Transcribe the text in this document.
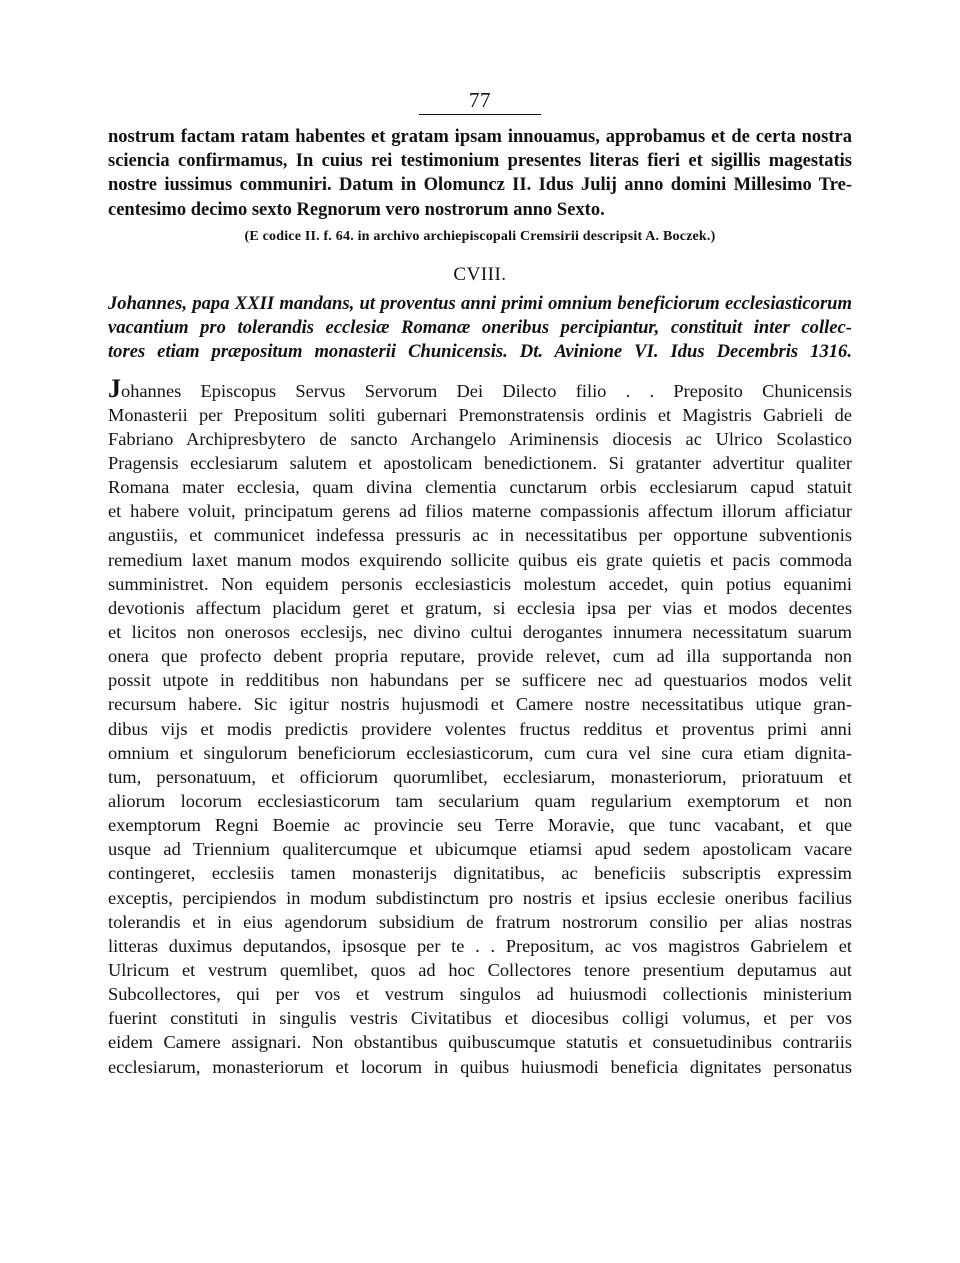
77
nostrum factam ratam habentes et gratam ipsam innouamus, approbamus et de certa nostra
sciencia confirmamus, In cuius rei testimonium presentes literas fieri et sigillis magestatis
nostre iussimus communiri. Datum in Olomuncz II. Idus Julij anno domini Millesimo Tre-
centesimo decimo sexto Regnorum vero nostrorum anno Sexto.
(E codice II. f. 64. in archivo archiepiscopali Cremsirii descripsit A. Boczek.)
CVIII.
Johannes, papa XXII mandans, ut proventus anni primi omnium beneficiorum ecclesiasticorum
vacantium pro tolerandis ecclesiæ Romanæ oneribus percipiantur, constituit inter collec-
tores etiam præpositum monasterii Chunicensis. Dt. Avinione VI. Idus Decembris 1316.
Johannes Episcopus Servus Servorum Dei Dilecto filio . . Preposito Chunicensis
Monasterii per Prepositum soliti gubernari Premonstratensis ordinis et Magistris Gabrieli de
Fabriano Archipresbytero de sancto Archangelo Ariminensis diocesis ac Ulrico Scolastico
Pragensis ecclesiarum salutem et apostolicam benedictionem. Si gratanter advertitur qualiter
Romana mater ecclesia, quam divina clementia cunctarum orbis ecclesiarum capud statuit
et habere voluit, principatum gerens ad filios materne compassionis affectum illorum afficiatur
angustiis, et communicet indefessa pressuris ac in necessitatibus per opportune subventionis
remedium laxet manum modos exquirendo sollicite quibus eis grate quietis et pacis commoda
sumministret. Non equidem personis ecclesiasticis molestum accedet, quin potius equanimi
devotionis affectum placidum geret et gratum, si ecclesia ipsa per vias et modos decentes
et licitos non onerosos ecclesijs, nec divino cultui derogantes innumera necessitatum suarum
onera que profecto debent propria reputare, provide relevet, cum ad illa supportanda non
possit utpote in redditibus non habundans per se sufficere nec ad questuarios modos velit
recursum habere. Sic igitur nostris hujusmodi et Camere nostre necessitatibus utique gran-
dibus vijs et modis predictis providere volentes fructus redditus et proventus primi anni
omnium et singulorum beneficiorum ecclesiasticorum, cum cura vel sine cura etiam dignita-
tum, personatuum, et officiorum quorumlibet, ecclesiarum, monasteriorum, prioratuum et
aliorum locorum ecclesiasticorum tam secularium quam regularium exemptorum et non
exemptorum Regni Boemie ac provincie seu Terre Moravie, que tunc vacabant, et que
usque ad Triennium qualitercumque et ubicumque etiamsi apud sedem apostolicam vacare
contingeret, ecclesiis tamen monasterijs dignitatibus, ac beneficiis subscriptis expressim
exceptis, percipiendos in modum subdistinctum pro nostris et ipsius ecclesie oneribus facilius
tolerandis et in eius agendorum subsidium de fratrum nostrorum consilio per alias nostras
litteras duximus deputandos, ipsosque per te . . Prepositum, ac vos magistros Gabrielem et
Ulricum et vestrum quemlibet, quos ad hoc Collectores tenore presentium deputamus aut
Subcollectores, qui per vos et vestrum singulos ad huiusmodi collectionis ministerium
fuerint constituti in singulis vestris Civitatibus et diocesibus colligi volumus, et per vos
eidem Camere assignari. Non obstantibus quibuscumque statutis et consuetudinibus contrariis
ecclesiarum, monasteriorum et locorum in quibus huiusmodi beneficia dignitates personatus
